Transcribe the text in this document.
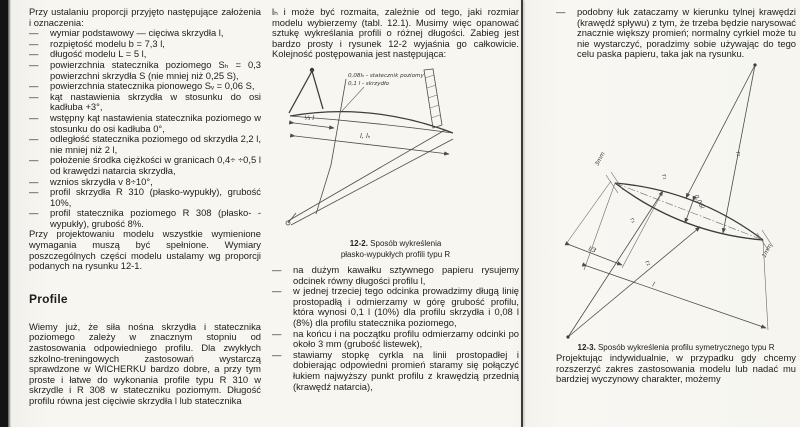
Przy ustalaniu proporcji przyjęto następujące założenia i oznaczenia:

—	wymiar podstawowy — cięciwa skrzydła l,
—	rozpiętość modelu b = 7,3 l,
—	długość modelu L = 5 l,
—	powierzchnia statecznika poziomego Sₕ = 0,3 powierzchni skrzydła S (nie mniej niż 0,25 S),
—	powierzchnia statecznika pionowego Sᵥ = 0,06 S,
—	kąt nastawienia skrzydła w stosunku do osi kadłuba +3°,
—	wstępny kąt nastawienia statecznika poziomego w stosunku do osi kadłuba 0°,
—	odległość statecznika poziomego od skrzydła 2,2 l, nie mniej niż 2 l,
—	położenie środka ciężkości w granicach 0,4÷ ÷0,5 l od krawędzi natarcia skrzydła,
—	wznios skrzydła v 8÷10°,
—	profil skrzydła R 310 (płasko-wypukły), grubość 10%,
—	profil statecznika poziomego R 308 (płasko- -wypukły), grubość 8%.

Przy projektowaniu modelu wszystkie wymienione wymagania muszą być spełnione. Wymiary poszczególnych części modelu ustalamy wg proporcji podanych na rysunku 12-1.

Profile

Wiemy już, że siła nośna skrzydła i statecznika poziomego zależy w znacznym stopniu od zastosowania odpowiedniego profilu. Dla zwykłych szkolno-treningowych zastosowań wystarczą sprawdzone w WICHERKU bardzo dobre, a przy tym proste i łatwe do wykonania profile typu R 310 w skrzydle i R 308 w stateczniku poziomym. Długość profilu równa jest cięciwie skrzydła l lub statecznika

lₕ i może być rozmaita, zależnie od tego, jaki rozmiar modelu wybierzemy (tabl. 12.1). Musimy więc opanować sztukę wykreślania profili o różnej długości. Zabieg jest bardzo prosty i rysunek 12-2 wyjaśnia go całkowicie. Kolejność postępowania jest następująca:

0,08lₕ - statecznik poziomy
0,1 l - skrzydło
⅓ l
l, lₕ
12-2. Sposób wykreślenia
płasko-wypukłych profili typu R
—	na dużym kawałku sztywnego papieru rysujemy odcinek równy długości profilu l,
—	w jednej trzeciej tego odcinka prowadzimy długą linię prostopadłą i odmierzamy w górę grubość profilu, która wynosi 0,1 l (10%) dla profilu skrzydła i 0,08 l (8%) dla profilu statecznika poziomego,
—	na końcu i na początku profilu odmierzamy odcinki po około 3 mm (grubość listewek),
—	stawiamy stopkę cyrkla na linii prostopadłej i dobierając odpowiedni promień staramy się połączyć łukiem najwyższy punkt profilu z krawędzią przednią (krawędź natarcia),
—	podobny łuk zataczamy w kierunku tylnej krawędzi (krawędź spływu) z tym, że trzeba będzie narysować znacznie większy promień; normalny cyrkiel może tu nie wystarczyć, poradzimy sobie używając do tego celu paska papieru, taka jak na rysunku.
0,06l
3mm
1mm
r₂
r₂
r₁
r₁
l/3
l
12-3. Sposób wykreślenia profilu symetrycznego typu R

Projektując indywidualnie, w przypadku gdy chcemy rozszerzyć zakres zastosowania modelu lub nadać mu bardziej wyczynowy charakter, możemy
